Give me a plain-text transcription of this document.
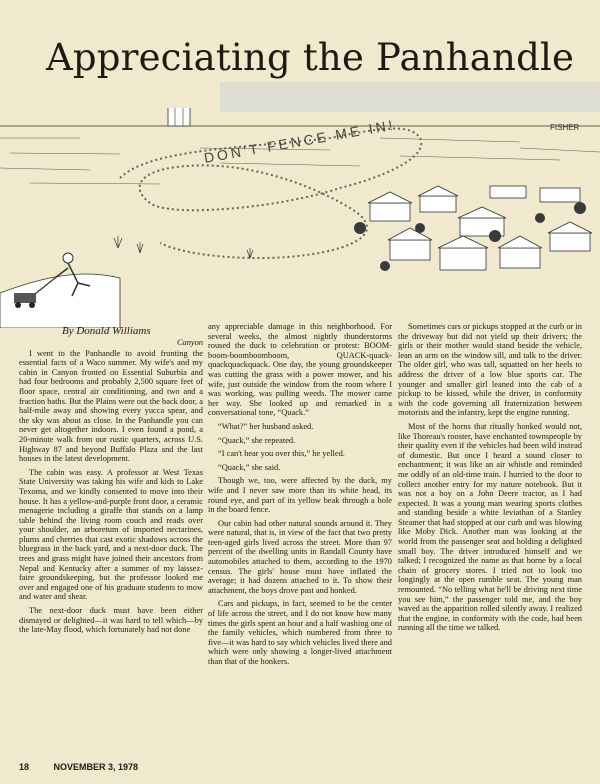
Appreciating the Panhandle
DON'T FENCE ME IN!	FISHER
By Donald Williams
Canyon

I went to the Panhandle to avoid fronting the essential facts of a Waco summer. My wife's and my cabin in Canyon fronted on Essential Suburbia and had four bedrooms and probably 2,500 square feet of floor space, central air conditioning, and two and a fraction baths. But the Plains were out the back door, a half-mile away and showing every yucca spear, and the sky was about as close. In the Panhandle you can never get altogether indoors. I even found a pond, a 20-minute walk from our rustic quarters, across U.S. Highway 87 and beyond Buffalo Plaza and the last houses in the latest development.

The cabin was easy. A professor at West Texas State University was taking his wife and kids to Lake Texoma, and we kindly consented to move into their house. It has a yellow-and-purple front door, a ceramic menagerie including a giraffe that stands on a lamp table behind the living room couch and reads over your shoulder, an arboretum of imported nectarines, plums and cherries that cast exotic shadows across the bluegrass in the back yard, and a next-door duck. The trees and grass might have joined their ancestors from Nepal and Kentucky after a summer of my laissez-faire groundskeeping, but the professor looked me over and engaged one of his graduate students to mow and water and shear.

The next-door duck must have been either dismayed or delighted—it was hard to tell which—by the late-May flood, which fortunately had not done

any appreciable damage in this neighborhood. For several weeks, the almost nightly thunderstorms roused the duck to celebration or protest: BOOM-boom-boomboomboom, QUACK-quack-quackquackquack. One day, the young groundskeeper was cutting the grass with a power mower, and his wife, just outside the window from the room where I was working, was pulling weeds. The mower came her way. She looked up and remarked in a conversational tone, “Quack.”

“What?” her husband asked.

“Quack,” she repeated.

“I can't hear you over this,” he yelled.

“Quack,” she said.

Though we, too, were affected by the duck, my wife and I never saw more than its white head, its round eye, and part of its yellow beak through a hole in the board fence.

Our cabin had other natural sounds around it. They were natural, that is, in view of the fact that two pretty teen-aged girls lived across the street. More than 97 percent of the dwelling units in Randall County have automobiles attached to them, according to the 1970 census. The girls' house must have inflated the average; it had dozens attached to it. To show their attachment, the boys drove past and honked.

Cars and pickups, in fact, seemed to be the center of life across the street, and I do not know how many times the girls spent an hour and a half washing one of the family vehicles, which numbered from three to five—it was hard to say which vehicles lived there and which were only showing a longer-lived attachment than that of the honkers.

Sometimes cars or pickups stopped at the curb or in the driveway but did not yield up their drivers; the girls or their mother would stand beside the vehicle, lean an arm on the window sill, and talk to the driver. The older girl, who was tall, squatted on her heels to address the driver of a low blue sports car. The younger and smaller girl leaned into the cab of a pickup to be kissed, while the driver, in conformity with the code governing all fraternization between motorists and the infantry, kept the engine running.

Most of the horns that ritually honked would not, like Thoreau's rooster, have enchanted townspeople by their quality even if the vehicles had been wild instead of domestic. But once I heard a sound closer to enchantment; it was like an air whistle and reminded me oddly of an old-time train. I hurried to the door to collect another entry for my nature notebook. But it was not a boy on a John Deere tractor, as I had expected. It was a young man wearing sports clothes and standing beside a white leviathan of a Stanley Steamer that had stopped at our curb and was blowing like Moby Dick. Another man was looking at the world from the passenger seat and holding a delighted small boy. The driver introduced himself and we talked; I recognized the name as that borne by a local chain of grocery stores. I tried not to look too longingly at the open rumble seat. The young man remounted. “No telling what he'll be driving next time you see him,” the passenger told me, and the boy waved as the apparition rolled silently away. I realized that the engine, in conformity with the code, had been running all the time we talked.

18	NOVEMBER 3, 1978
